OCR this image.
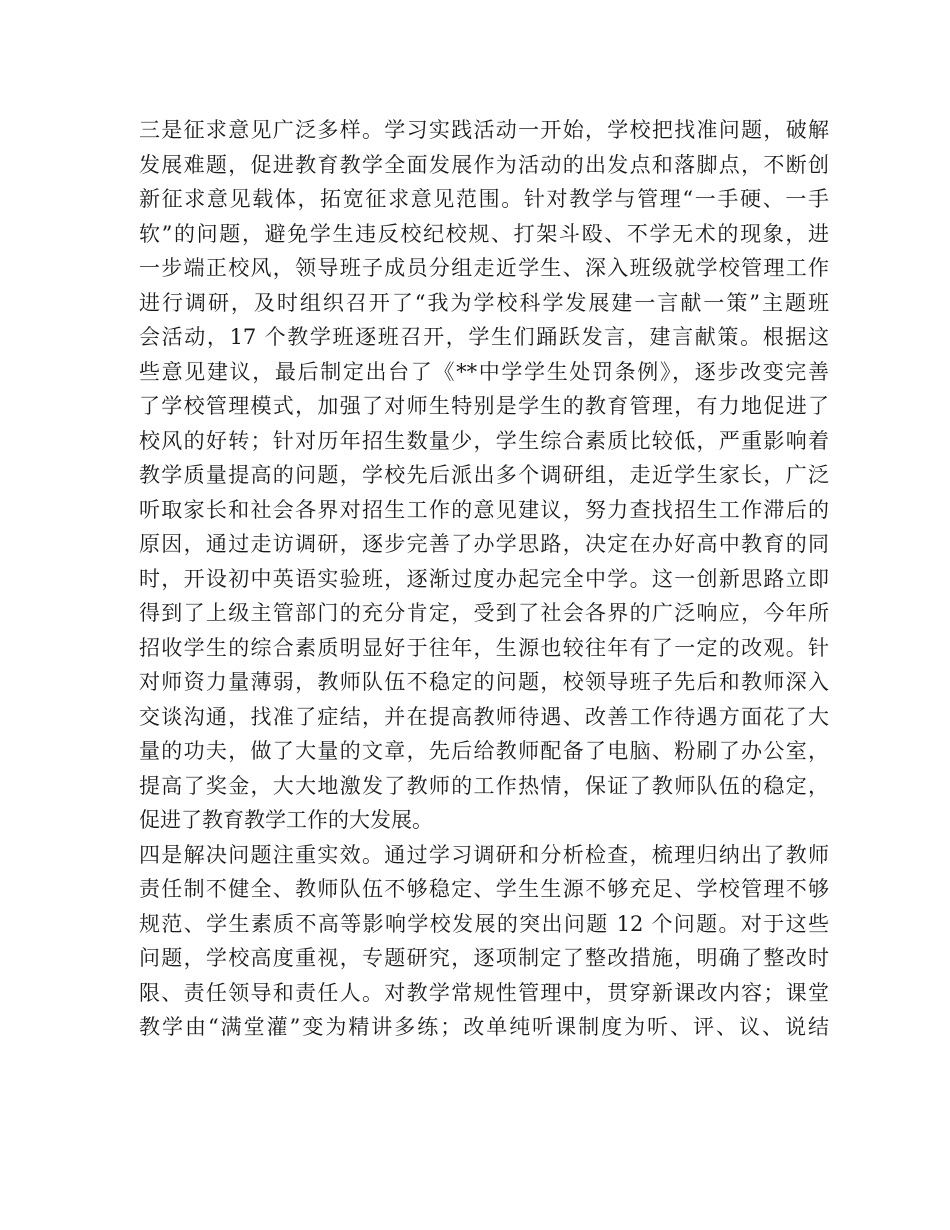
三是征求意见广泛多样。学习实践活动一开始，学校把找准问题，破解
发展难题，促进教育教学全面发展作为活动的出发点和落脚点，不断创
新征求意见载体，拓宽征求意见范围。针对教学与管理“一手硬、一手
软”的问题，避免学生违反校纪校规、打架斗殴、不学无术的现象，进
一步端正校风，领导班子成员分组走近学生、深入班级就学校管理工作
进行调研，及时组织召开了“我为学校科学发展建一言献一策”主题班
会活动，17 个教学班逐班召开，学生们踊跃发言，建言献策。根据这
些意见建议，最后制定出台了《**中学学生处罚条例》，逐步改变完善
了学校管理模式，加强了对师生特别是学生的教育管理，有力地促进了
校风的好转；针对历年招生数量少，学生综合素质比较低，严重影响着
教学质量提高的问题，学校先后派出多个调研组，走近学生家长，广泛
听取家长和社会各界对招生工作的意见建议，努力查找招生工作滞后的
原因，通过走访调研，逐步完善了办学思路，决定在办好高中教育的同
时，开设初中英语实验班，逐渐过度办起完全中学。这一创新思路立即
得到了上级主管部门的充分肯定，受到了社会各界的广泛响应，今年所
招收学生的综合素质明显好于往年，生源也较往年有了一定的改观。针
对师资力量薄弱，教师队伍不稳定的问题，校领导班子先后和教师深入
交谈沟通，找准了症结，并在提高教师待遇、改善工作待遇方面花了大
量的功夫，做了大量的文章，先后给教师配备了电脑、粉刷了办公室，
提高了奖金，大大地激发了教师的工作热情，保证了教师队伍的稳定，
促进了教育教学工作的大发展。
四是解决问题注重实效。通过学习调研和分析检查，梳理归纳出了教师
责任制不健全、教师队伍不够稳定、学生生源不够充足、学校管理不够
规范、学生素质不高等影响学校发展的突出问题 12 个问题。对于这些
问题，学校高度重视，专题研究，逐项制定了整改措施，明确了整改时
限、责任领导和责任人。对教学常规性管理中，贯穿新课改内容；课堂
教学由“满堂灌”变为精讲多练；改单纯听课制度为听、评、议、说结
